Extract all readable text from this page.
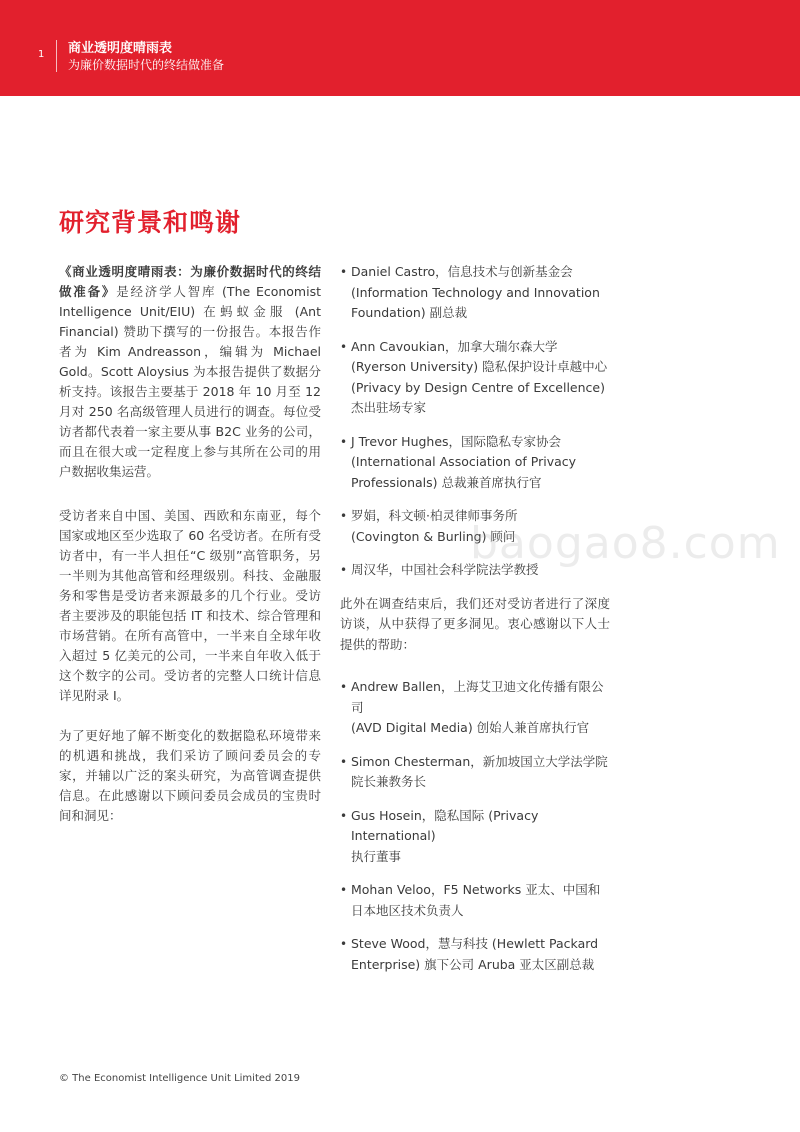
1 商业透明度晴雨表
为廉价数据时代的终结做准备
研究背景和鸣谢

《商业透明度晴雨表：为廉价数据时代的终结做准备》是经济学人智库 (The Economist Intelligence Unit/EIU) 在蚂蚁金服 (Ant Financial) 赞助下撰写的一份报告。本报告作者为 Kim Andreasson，编辑为 Michael Gold。Scott Aloysius 为本报告提供了数据分析支持。该报告主要基于 2018 年 10 月至 12 月对 250 名高级管理人员进行的调查。每位受访者都代表着一家主要从事 B2C 业务的公司，而且在很大或一定程度上参与其所在公司的用户数据收集运营。

受访者来自中国、美国、西欧和东南亚，每个国家或地区至少选取了 60 名受访者。在所有受访者中，有一半人担任“C 级别”高管职务，另一半则为其他高管和经理级别。科技、金融服务和零售是受访者来源最多的几个行业。受访者主要涉及的职能包括 IT 和技术、综合管理和市场营销。在所有高管中，一半来自全球年收入超过 5 亿美元的公司，一半来自年收入低于这个数字的公司。受访者的完整人口统计信息详见附录 I。

为了更好地了解不断变化的数据隐私环境带来的机遇和挑战，我们采访了顾问委员会的专家，并辅以广泛的案头研究，为高管调查提供信息。在此感谢以下顾问委员会成员的宝贵时间和洞见：

• Daniel Castro，信息技术与创新基金会
(Information Technology and Innovation
Foundation) 副总裁
• Ann Cavoukian，加拿大瑞尔森大学
(Ryerson University) 隐私保护设计卓越中心
(Privacy by Design Centre of Excellence)
杰出驻场专家
• J Trevor Hughes，国际隐私专家协会
(International Association of Privacy
Professionals) 总裁兼首席执行官
• 罗娟，科文顿·柏灵律师事务所
(Covington & Burling) 顾问
• 周汉华，中国社会科学院法学教授

此外在调查结束后，我们还对受访者进行了深度访谈，从中获得了更多洞见。衷心感谢以下人士提供的帮助：

• Andrew Ballen，上海艾卫迪文化传播有限公司
(AVD Digital Media) 创始人兼首席执行官
• Simon Chesterman，新加坡国立大学法学院
院长兼教务长
• Gus Hosein，隐私国际 (Privacy International)
执行董事
• Mohan Veloo，F5 Networks 亚太、中国和
日本地区技术负责人
• Steve Wood，慧与科技 (Hewlett Packard
Enterprise) 旗下公司 Aruba 亚太区副总裁
baogao8.com
© The Economist Intelligence Unit Limited 2019
